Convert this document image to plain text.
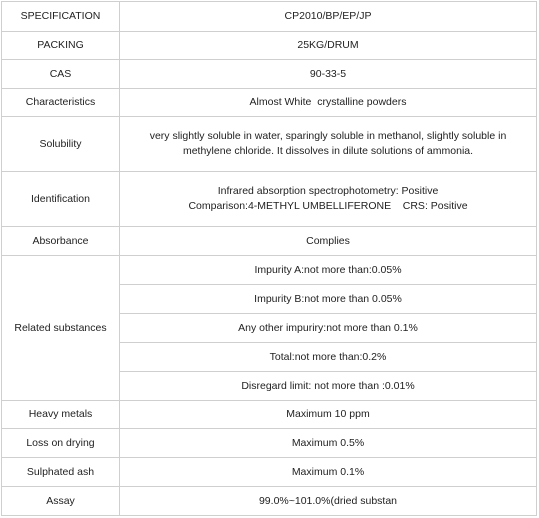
SPECIFICATION	CP2010/BP/EP/JP
PACKING	25KG/DRUM
CAS	90-33-5
Characteristics	Almost White  crystalline powders
Solubility	very slightly soluble in water, sparingly soluble in methanol, slightly soluble in methylene chloride. It dissolves in dilute solutions of ammonia.
Identification	Infrared absorption spectrophotometry: Positive
Comparison:4-METHYL UMBELLIFERONE    CRS: Positive
Absorbance	Complies
Related substances	Impurity A:not more than:0.05%
	Impurity B:not more than 0.05%
	Any other impuriry:not more than 0.1%
	Total:not more than:0.2%
	Disregard limit: not more than :0.01%
Heavy metals	Maximum 10 ppm
Loss on drying	Maximum 0.5%
Sulphated ash	Maximum 0.1%
Assay	99.0%~101.0%(dried substan
